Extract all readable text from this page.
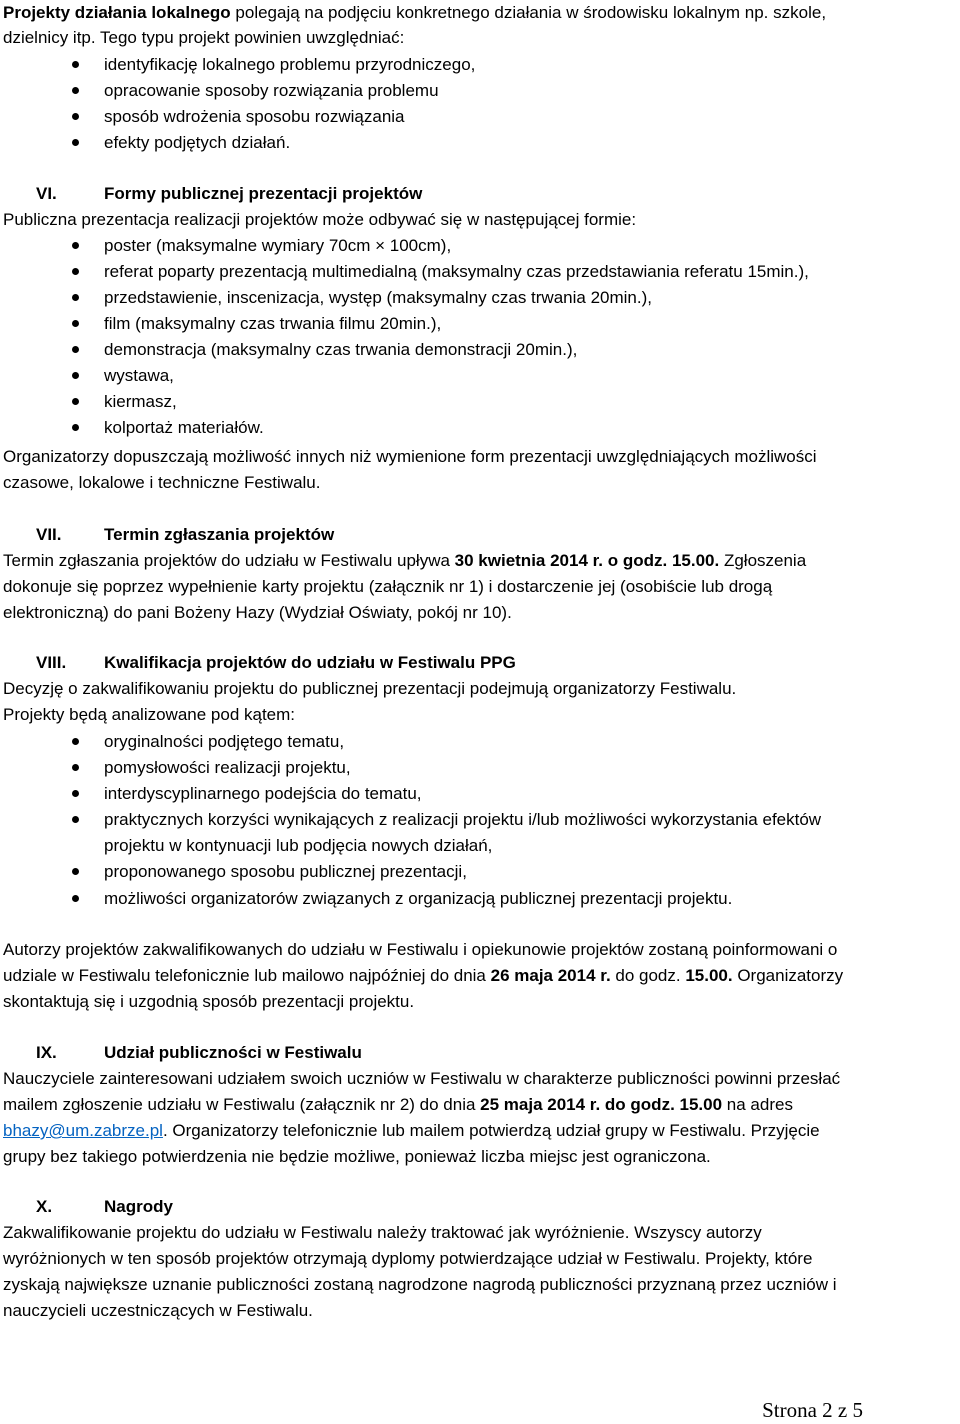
Projekty działania lokalnego polegają na podjęciu konkretnego działania w środowisku lokalnym np. szkole,
dzielnicy itp. Tego typu projekt powinien uwzględniać:
identyfikację lokalnego problemu przyrodniczego,
opracowanie sposoby rozwiązania problemu
sposób wdrożenia sposobu rozwiązania
efekty podjętych działań.
VI.	Formy publicznej prezentacji projektów
Publiczna prezentacja realizacji projektów może odbywać się w następującej formie:
poster (maksymalne wymiary 70cm × 100cm),
referat poparty prezentacją multimedialną (maksymalny czas przedstawiania referatu 15min.),
przedstawienie, inscenizacja, występ (maksymalny czas trwania 20min.),
film (maksymalny czas trwania filmu 20min.),
demonstracja (maksymalny czas trwania demonstracji 20min.),
wystawa,
kiermasz,
kolportaż materiałów.
Organizatorzy dopuszczają możliwość innych niż wymienione form prezentacji uwzględniających możliwości
czasowe, lokalowe i techniczne Festiwalu.
VII. Termin zgłaszania projektów
Termin zgłaszania projektów do udziału w Festiwalu upływa 30 kwietnia 2014 r. o godz. 15.00. Zgłoszenia
dokonuje się poprzez wypełnienie karty projektu (załącznik nr 1) i dostarczenie jej (osobiście lub drogą
elektroniczną) do pani Bożeny Hazy (Wydział Oświaty, pokój nr 10).
VIII. Kwalifikacja projektów do udziału w Festiwalu PPG
Decyzję o zakwalifikowaniu projektu do publicznej prezentacji podejmują organizatorzy Festiwalu.
Projekty będą analizowane pod kątem:
oryginalności podjętego tematu,
pomysłowości realizacji projektu,
interdyscyplinarnego podejścia do tematu,
praktycznych korzyści wynikających z realizacji projektu i/lub możliwości wykorzystania efektów
projektu w kontynuacji lub podjęcia nowych działań,
proponowanego sposobu publicznej prezentacji,
możliwości organizatorów związanych z organizacją publicznej prezentacji projektu.
Autorzy projektów zakwalifikowanych do udziału w Festiwalu i opiekunowie projektów zostaną poinformowani o
udziale w Festiwalu telefonicznie lub mailowo najpóźniej do dnia 26 maja 2014 r. do godz. 15.00. Organizatorzy
skontaktują się i uzgodnią sposób prezentacji projektu.
IX.	Udział publiczności w Festiwalu
Nauczyciele zainteresowani udziałem swoich uczniów w Festiwalu w charakterze publiczności powinni przesłać
mailem zgłoszenie udziału w Festiwalu (załącznik nr 2) do dnia 25 maja 2014 r. do godz. 15.00 na adres
bhazy@um.zabrze.pl. Organizatorzy telefonicznie lub mailem potwierdzą udział grupy w Festiwalu. Przyjęcie
grupy bez takiego potwierdzenia nie będzie możliwe, ponieważ liczba miejsc jest ograniczona.
X.	Nagrody
Zakwalifikowanie projektu do udziału w Festiwalu należy traktować jak wyróżnienie. Wszyscy autorzy
wyróżnionych w ten sposób projektów otrzymają dyplomy potwierdzające udział w Festiwalu. Projekty, które
zyskają największe uznanie publiczności zostaną nagrodzone nagrodą publiczności przyznaną przez uczniów i
nauczycieli uczestniczących w Festiwalu.
Strona 2 z 5
